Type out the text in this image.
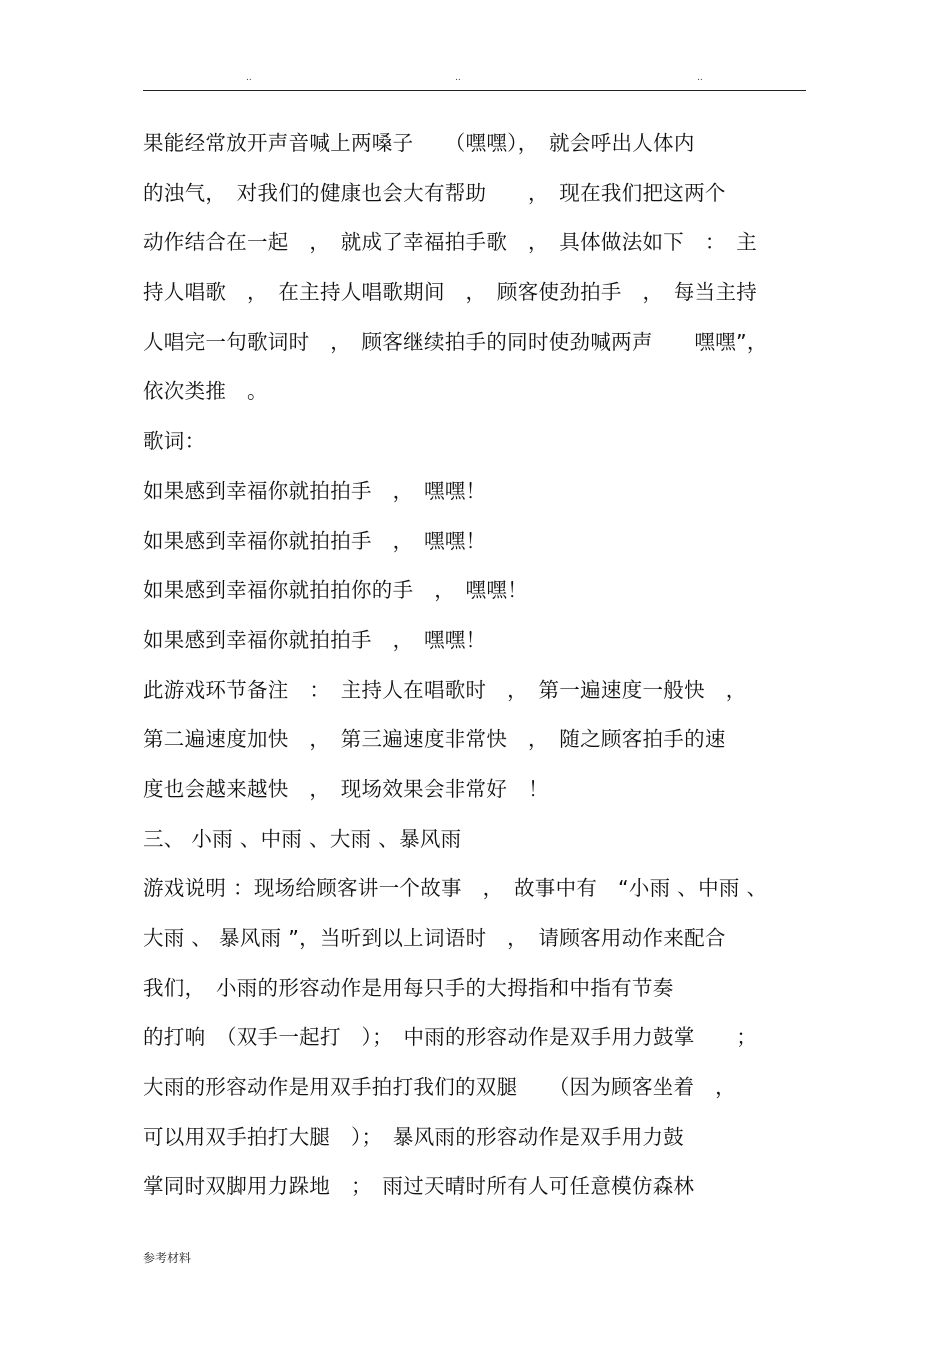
..	..	..
果能经常放开声音喊上两嗓子　　（嘿嘿），　就会呼出人体内
的浊气，　对我们的健康也会大有帮助　　，　现在我们把这两个
动作结合在一起　，　就成了幸福拍手歌　，　具体做法如下　：　主
持人唱歌　，　在主持人唱歌期间　，　顾客使劲拍手　，　每当主持
人唱完一句歌词时　，　顾客继续拍手的同时使劲喊两声　　嘿嘿”，
依次类推　。
歌词：
如果感到幸福你就拍拍手　，　嘿嘿！
如果感到幸福你就拍拍手　，　嘿嘿！
如果感到幸福你就拍拍你的手　，　嘿嘿！
如果感到幸福你就拍拍手　，　嘿嘿！
此游戏环节备注　：　主持人在唱歌时　，　第一遍速度一般快　，
第二遍速度加快　，　第三遍速度非常快　，　随之顾客拍手的速
度也会越来越快　，　现场效果会非常好　！
三、 小雨 、中雨 、大雨 、暴风雨
游戏说明 ：现场给顾客讲一个故事　，　故事中有　“小雨 、中雨 、
大雨 、 暴风雨 ”，当听到以上词语时　，　请顾客用动作来配合
我们，　小雨的形容动作是用每只手的大拇指和中指有节奏
的打响　（双手一起打　）；　中雨的形容动作是双手用力鼓掌　　；
大雨的形容动作是用双手拍打我们的双腿　　（因为顾客坐着　，
可以用双手拍打大腿　）；　暴风雨的形容动作是双手用力鼓
掌同时双脚用力跺地　；　雨过天晴时所有人可任意模仿森林
参考材料
